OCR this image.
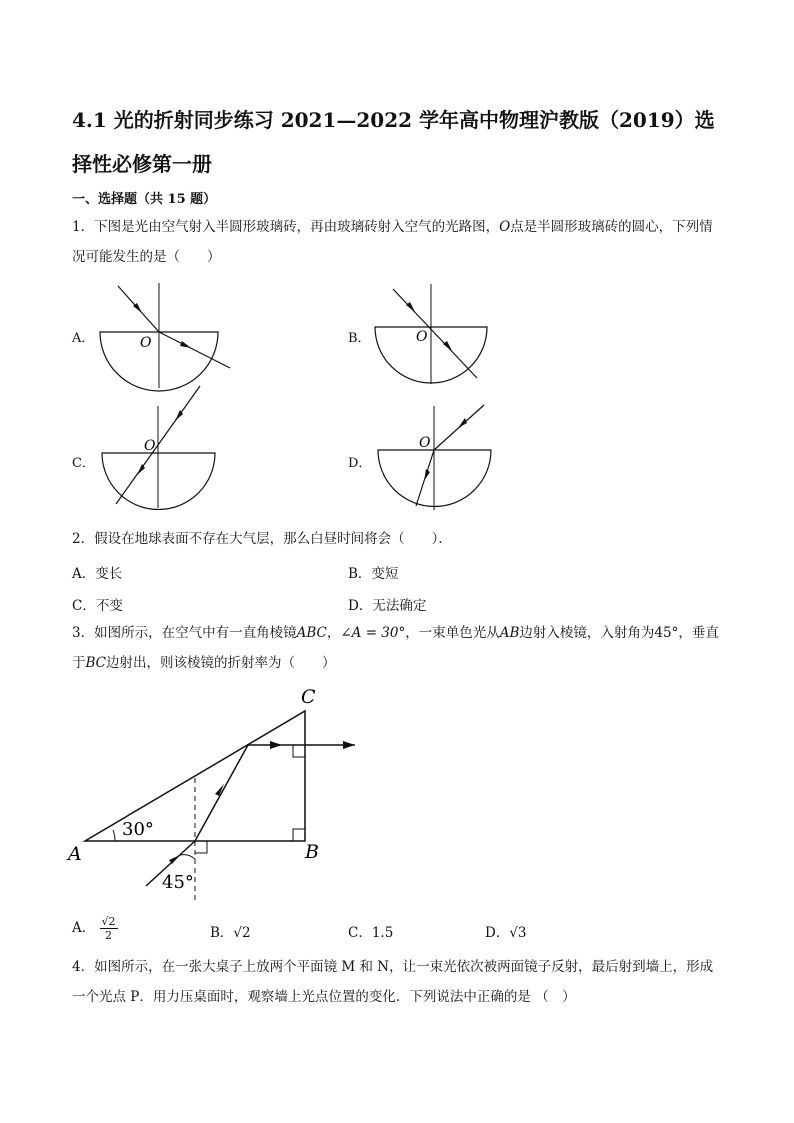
4.1 光的折射同步练习 2021—2022 学年高中物理沪教版（2019）选择性必修第一册
一、选择题（共 15 题）
1．下图是光由空气射入半圆形玻璃砖，再由玻璃砖射入空气的光路图，O点是半圆形玻璃砖的圆心，下列情况可能发生的是（　　）
A．	B．
C．	D．
O	O
O	O
2．假设在地球表面不存在大气层，那么白昼时间将会（　　）．
A．变长	B．变短
C．不变	D．无法确定
3．如图所示，在空气中有一直角棱镜ABC，∠A = 30°，一束单色光从AB边射入棱镜，入射角为45°，垂直于BC边射出，则该棱镜的折射率为（　　）
30°
45°
A	B
C
A． $\frac{√2}{2}$	B．√2	C．1.5	D．√3
4．如图所示，在一张大桌子上放两个平面镜 M 和 N，让一束光依次被两面镜子反射，最后射到墙上，形成一个光点 P．用力压桌面时，观察墙上光点位置的变化．下列说法中正确的是 （　）
